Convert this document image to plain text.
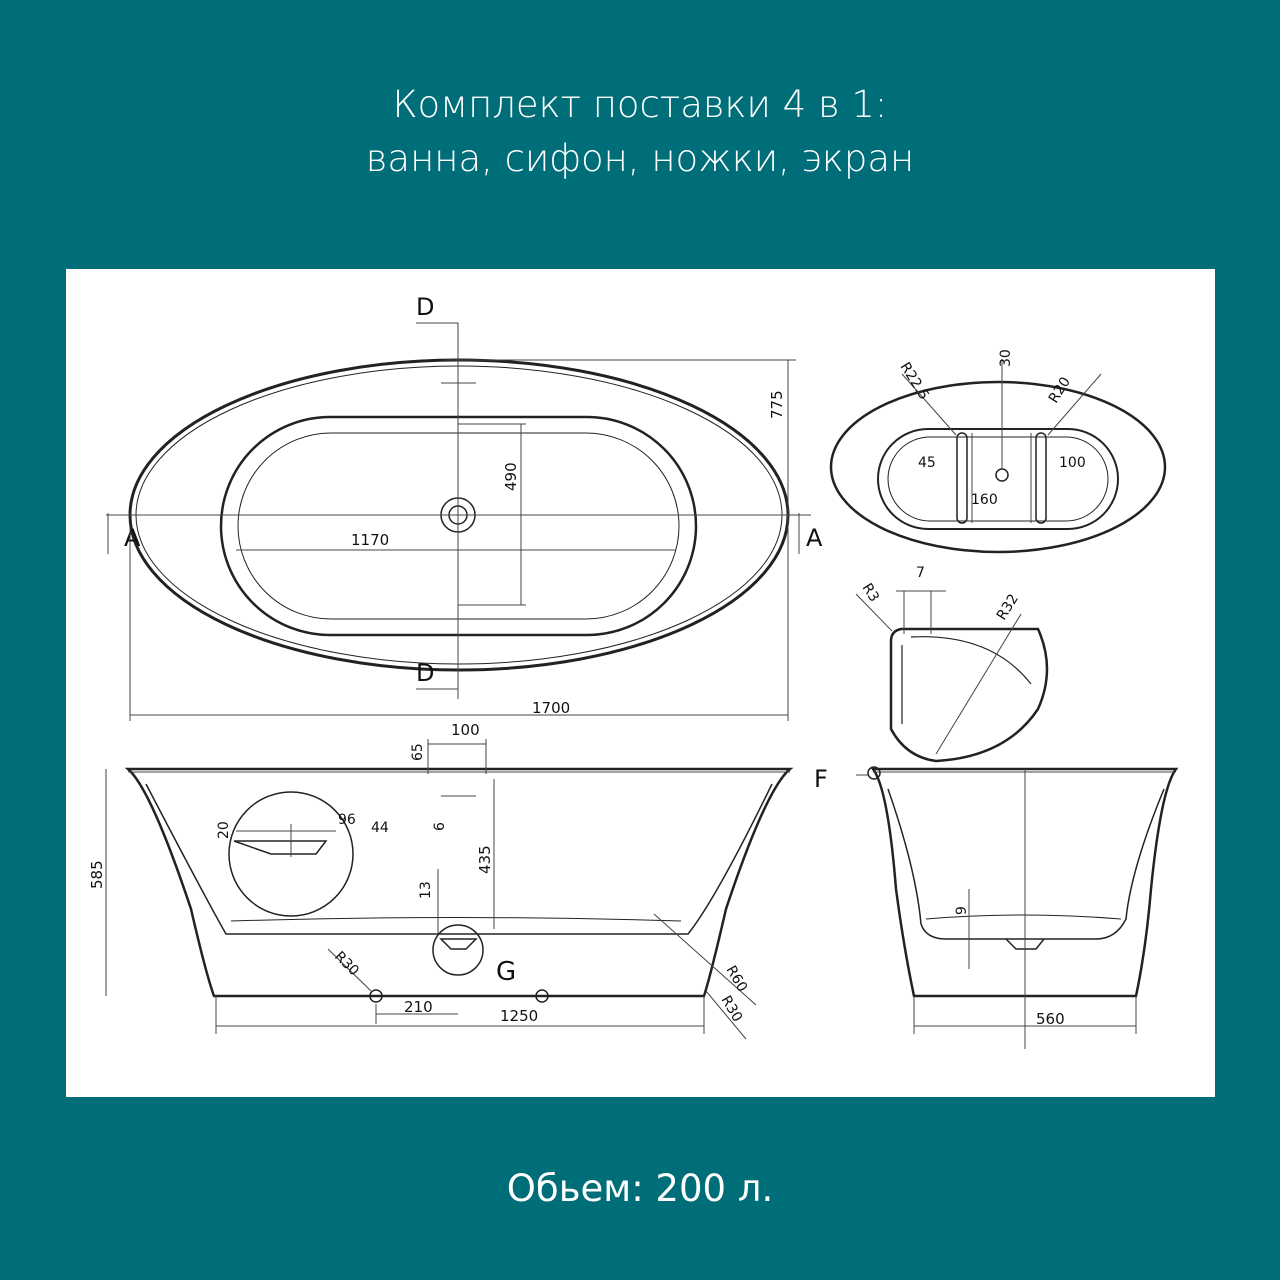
Комплект поставки 4 в 1:
ванна, сифон, ножки, экран
D
D
A	A
775
490
1170
1700
R22.5
30
R20
45	100
160
R3
7
R32
585
100
65
6
435
13
20
96 44
R30	G	R60
R30
210	1250
F
9
560
Обьем: 200 л.
